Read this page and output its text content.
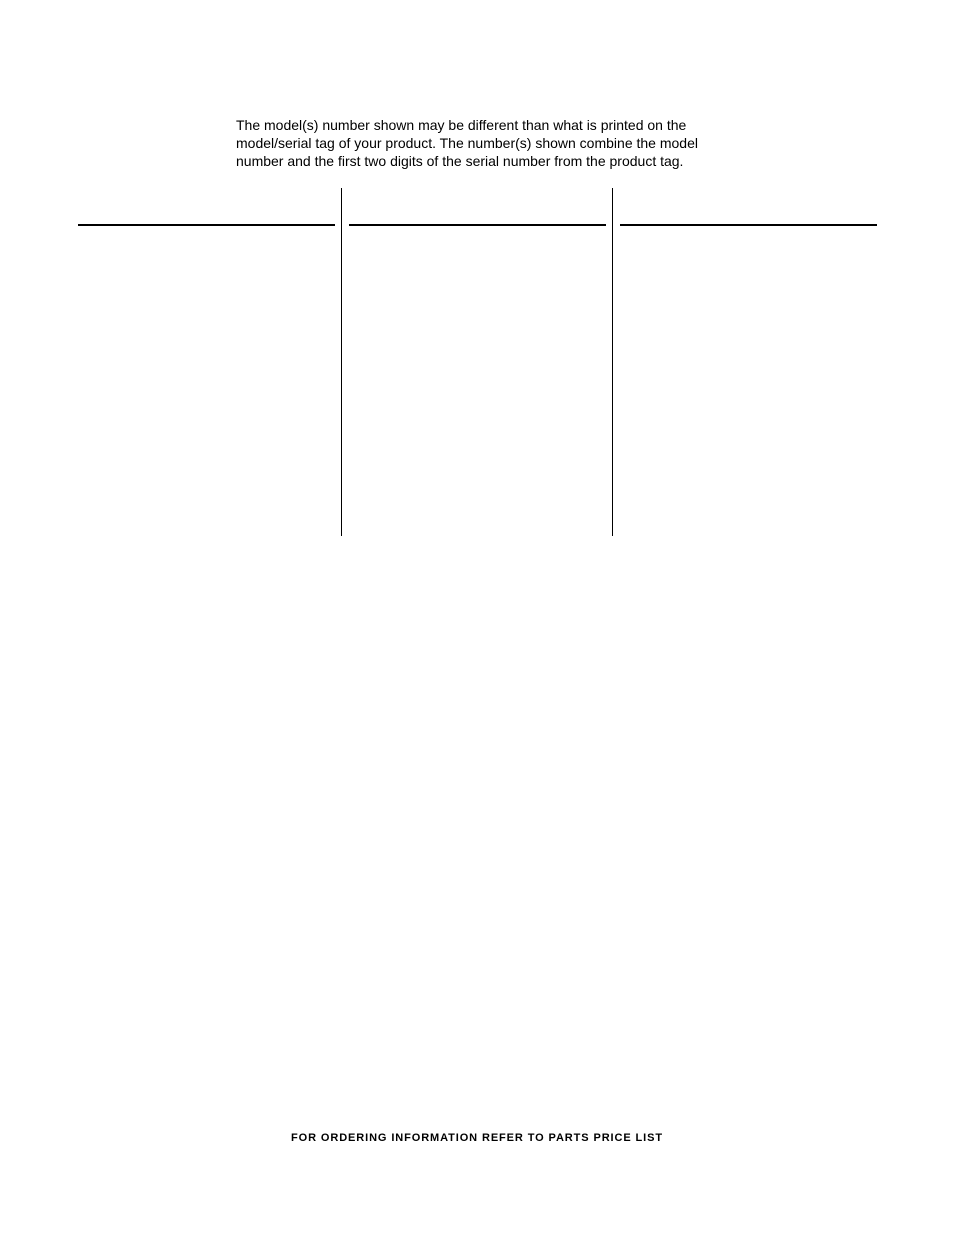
The model(s) number shown may be different than what is printed on the
model/serial tag of your product. The number(s) shown combine the model
number and the first two digits of the serial number from the product tag.

FOR ORDERING INFORMATION REFER TO PARTS PRICE LIST
